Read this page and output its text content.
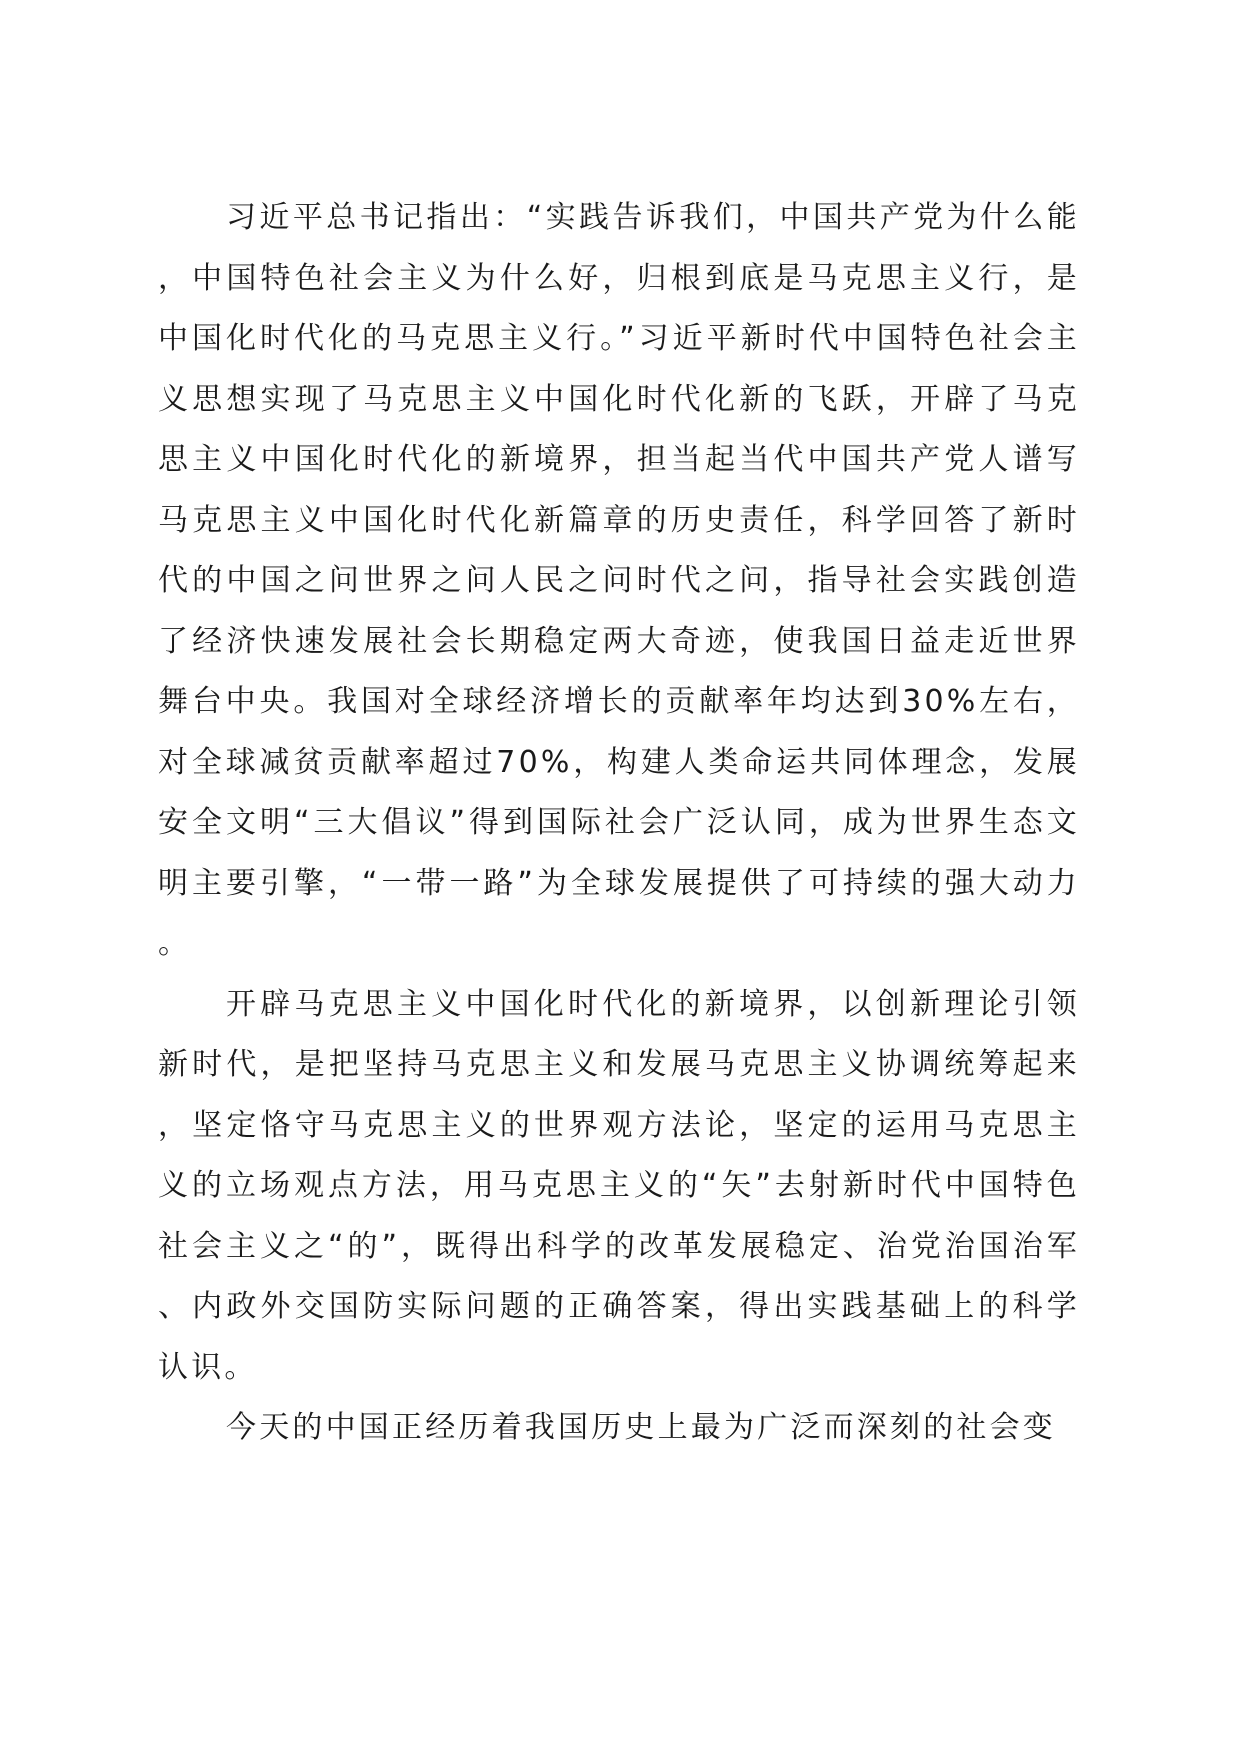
习近平总书记指出：“实践告诉我们，中国共产党为什么能，中国特色社会主义为什么好，归根到底是马克思主义行，是中国化时代化的马克思主义行。”习近平新时代中国特色社会主义思想实现了马克思主义中国化时代化新的飞跃，开辟了马克思主义中国化时代化的新境界，担当起当代中国共产党人谱写马克思主义中国化时代化新篇章的历史责任，科学回答了新时代的中国之问世界之问人民之问时代之问，指导社会实践创造了经济快速发展社会长期稳定两大奇迹，使我国日益走近世界舞台中央。我国对全球经济增长的贡献率年均达到30%左右，对全球减贫贡献率超过70%，构建人类命运共同体理念，发展安全文明“三大倡议”得到国际社会广泛认同，成为世界生态文明主要引擎，“一带一路”为全球发展提供了可持续的强大动力。

开辟马克思主义中国化时代化的新境界，以创新理论引领新时代，是把坚持马克思主义和发展马克思主义协调统筹起来，坚定恪守马克思主义的世界观方法论，坚定的运用马克思主义的立场观点方法，用马克思主义的“矢”去射新时代中国特色社会主义之“的”，既得出科学的改革发展稳定、治党治国治军、内政外交国防实际问题的正确答案，得出实践基础上的科学认识。

今天的中国正经历着我国历史上最为广泛而深刻的社会变
